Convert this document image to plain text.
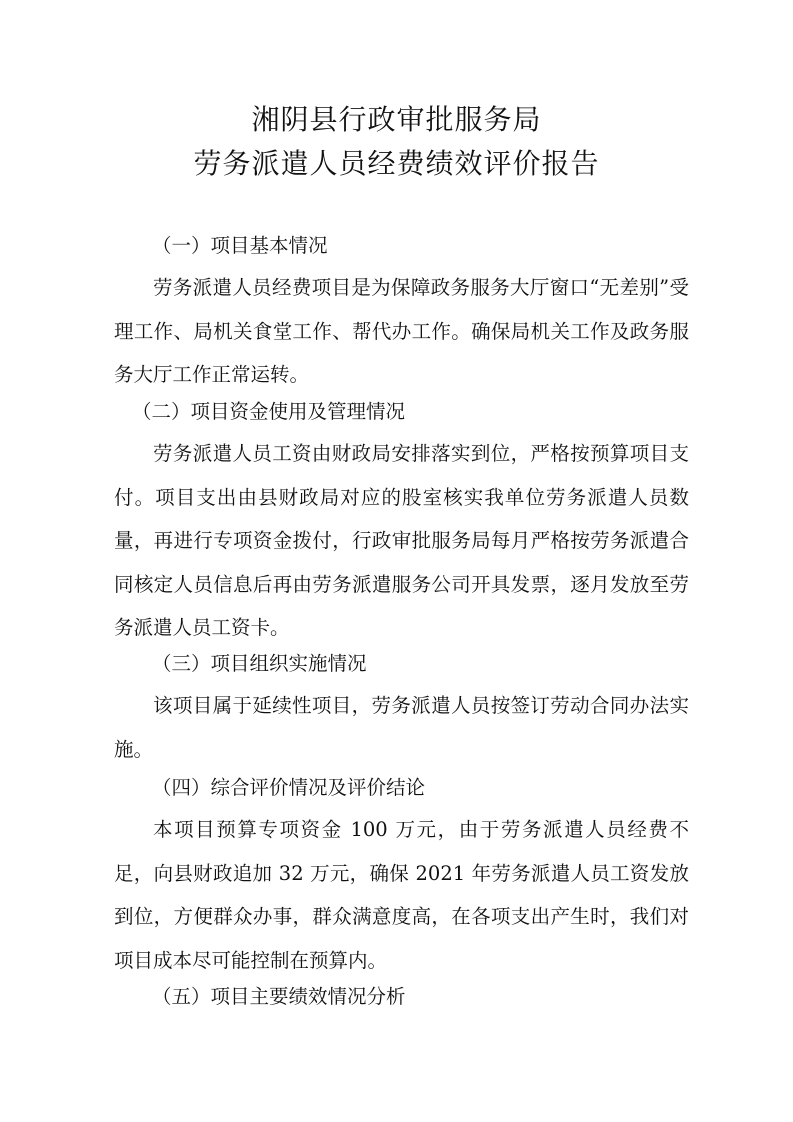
湘阴县行政审批服务局
劳务派遣人员经费绩效评价报告
（一）项目基本情况

劳务派遣人员经费项目是为保障政务服务大厅窗口“无差别”受理工作、局机关食堂工作、帮代办工作。确保局机关工作及政务服务大厅工作正常运转。

（二）项目资金使用及管理情况

劳务派遣人员工资由财政局安排落实到位，严格按预算项目支付。项目支出由县财政局对应的股室核实我单位劳务派遣人员数量，再进行专项资金拨付，行政审批服务局每月严格按劳务派遣合同核定人员信息后再由劳务派遣服务公司开具发票，逐月发放至劳务派遣人员工资卡。

（三）项目组织实施情况

该项目属于延续性项目，劳务派遣人员按签订劳动合同办法实施。

（四）综合评价情况及评价结论

本项目预算专项资金 100 万元，由于劳务派遣人员经费不足，向县财政追加 32 万元，确保 2021 年劳务派遣人员工资发放到位，方便群众办事，群众满意度高，在各项支出产生时，我们对项目成本尽可能控制在预算内。

（五）项目主要绩效情况分析
